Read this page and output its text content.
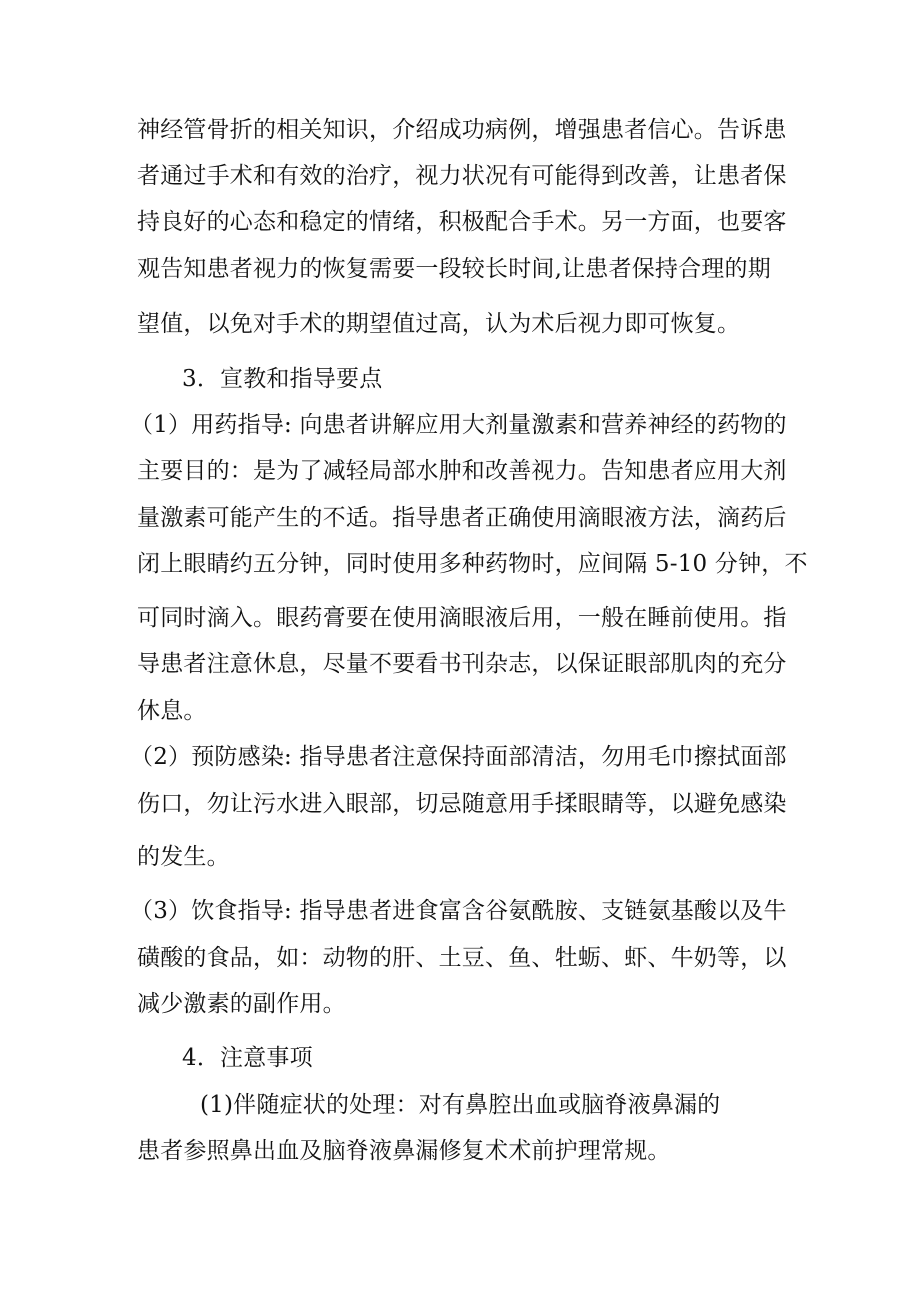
神经管骨折的相关知识，介绍成功病例，增强患者信心。告诉患
者通过手术和有效的治疗，视力状况有可能得到改善，让患者保
持良好的心态和稳定的情绪，积极配合手术。另一方面，也要客
观告知患者视力的恢复需要一段较长时间,让患者保持合理的期
望值，以免对手术的期望值过高，认为术后视力即可恢复。
3．宣教和指导要点
（1）用药指导: 向患者讲解应用大剂量激素和营养神经的药物的
主要目的：是为了减轻局部水肿和改善视力。告知患者应用大剂
量激素可能产生的不适。指导患者正确使用滴眼液方法，滴药后
闭上眼睛约五分钟，同时使用多种药物时，应间隔 5-10 分钟，不
可同时滴入。眼药膏要在使用滴眼液后用，一般在睡前使用。指
导患者注意休息，尽量不要看书刊杂志，以保证眼部肌肉的充分
休息。
（2）预防感染: 指导患者注意保持面部清洁，勿用毛巾擦拭面部
伤口，勿让污水进入眼部，切忌随意用手揉眼睛等，以避免感染
的发生。
（3）饮食指导: 指导患者进食富含谷氨酰胺、支链氨基酸以及牛
磺酸的食品，如：动物的肝、土豆、鱼、牡蛎、虾、牛奶等，以
减少激素的副作用。
4．注意事项
(1)伴随症状的处理：对有鼻腔出血或脑脊液鼻漏的
患者参照鼻出血及脑脊液鼻漏修复术术前护理常规。
